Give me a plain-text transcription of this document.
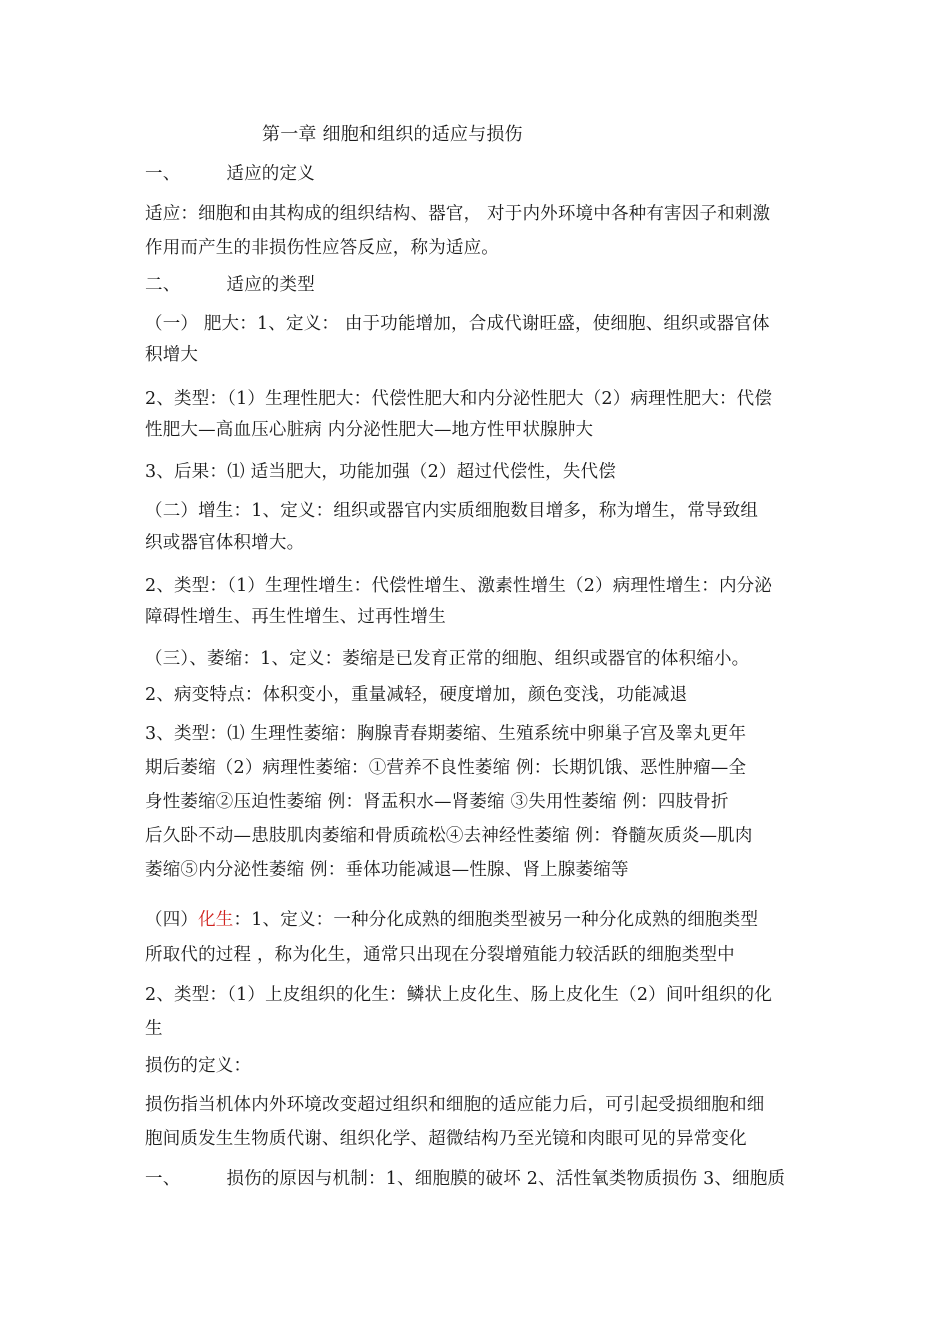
第一章 细胞和组织的适应与损伤
一、	适应的定义
适应：细胞和由其构成的组织结构、器官， 对于内外环境中各种有害因子和刺激
作用而产生的非损伤性应答反应，称为适应。
二、	适应的类型
（一） 肥大：1、定义： 由于功能增加，合成代谢旺盛，使细胞、组织或器官体
积增大
2、类型：（1）生理性肥大：代偿性肥大和内分泌性肥大（2）病理性肥大：代偿
性肥大—高血压心脏病 内分泌性肥大—地方性甲状腺肿大
3、后果：⑴ 适当肥大，功能加强（2）超过代偿性，失代偿
（二）增生：1、定义：组织或器官内实质细胞数目增多，称为增生，常导致组
织或器官体积增大。
2、类型：（1）生理性增生：代偿性增生、激素性增生（2）病理性增生：内分泌
障碍性增生、再生性增生、过再性增生
（三）、萎缩：1、定义：萎缩是已发育正常的细胞、组织或器官的体积缩小。
2、病变特点：体积变小，重量减轻，硬度增加，颜色变浅，功能减退
3、类型：⑴ 生理性萎缩：胸腺青春期萎缩、生殖系统中卵巢子宫及睾丸更年
期后萎缩（2）病理性萎缩：①营养不良性萎缩 例：长期饥饿、恶性肿瘤—全
身性萎缩②压迫性萎缩 例：肾盂积水—肾萎缩 ③失用性萎缩 例：四肢骨折
后久卧不动—患肢肌肉萎缩和骨质疏松④去神经性萎缩 例：脊髓灰质炎—肌肉
萎缩⑤内分泌性萎缩 例：垂体功能减退—性腺、肾上腺萎缩等
（四）化生：1、定义：一种分化成熟的细胞类型被另一种分化成熟的细胞类型
所取代的过程 ，称为化生，通常只出现在分裂增殖能力较活跃的细胞类型中
2、类型：（1）上皮组织的化生：鳞状上皮化生、肠上皮化生（2）间叶组织的化
生
损伤的定义：
损伤指当机体内外环境改变超过组织和细胞的适应能力后，可引起受损细胞和细
胞间质发生生物质代谢、组织化学、超微结构乃至光镜和肉眼可见的异常变化
一、	损伤的原因与机制：1、细胞膜的破坏 2、活性氧类物质损伤 3、细胞质
